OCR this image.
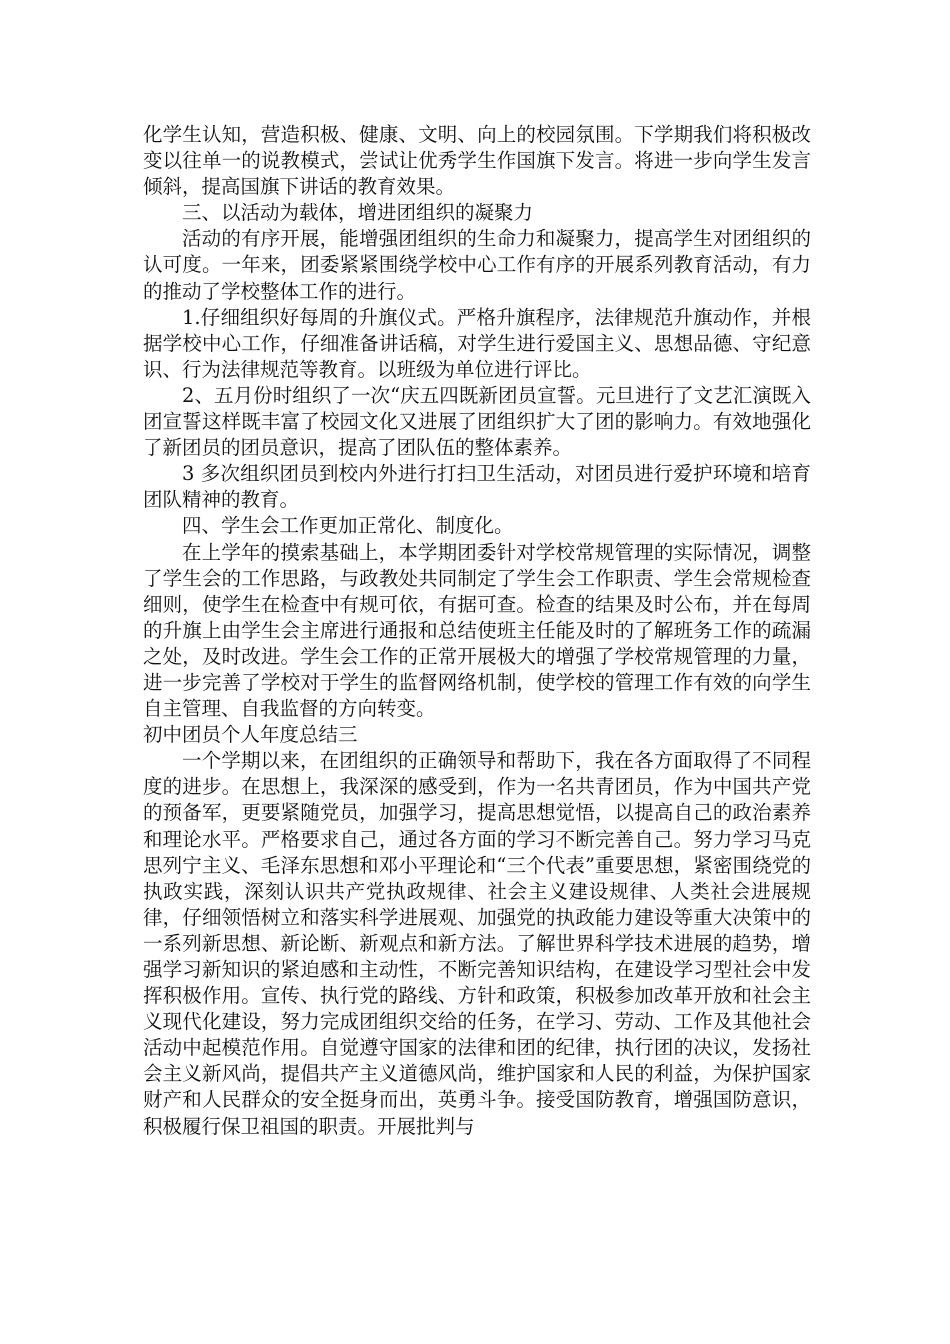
化学生认知，营造积极、健康、文明、向上的校园氛围。下学期我们将积极改变以往单一的说教模式，尝试让优秀学生作国旗下发言。将进一步向学生发言倾斜，提高国旗下讲话的教育效果。

三、以活动为载体，增进团组织的凝聚力

活动的有序开展，能增强团组织的生命力和凝聚力，提高学生对团组织的认可度。一年来，团委紧紧围绕学校中心工作有序的开展系列教育活动，有力的推动了学校整体工作的进行。

1.仔细组织好每周的升旗仪式。严格升旗程序，法律规范升旗动作，并根据学校中心工作，仔细准备讲话稿，对学生进行爱国主义、思想品德、守纪意识、行为法律规范等教育。以班级为单位进行评比。

2、五月份时组织了一次“庆五四既新团员宣誓。元旦进行了文艺汇演既入团宣誓这样既丰富了校园文化又进展了团组织扩大了团的影响力。有效地强化了新团员的团员意识，提高了团队伍的整体素养。

3 多次组织团员到校内外进行打扫卫生活动，对团员进行爱护环境和培育团队精神的教育。

四、学生会工作更加正常化、制度化。

在上学年的摸索基础上，本学期团委针对学校常规管理的实际情况，调整了学生会的工作思路，与政教处共同制定了学生会工作职责、学生会常规检查细则，使学生在检查中有规可依，有据可查。检查的结果及时公布，并在每周的升旗上由学生会主席进行通报和总结使班主任能及时的了解班务工作的疏漏之处，及时改进。学生会工作的正常开展极大的增强了学校常规管理的力量，进一步完善了学校对于学生的监督网络机制，使学校的管理工作有效的向学生自主管理、自我监督的方向转变。

初中团员个人年度总结三

一个学期以来，在团组织的正确领导和帮助下，我在各方面取得了不同程度的进步。在思想上，我深深的感受到，作为一名共青团员，作为中国共产党的预备军，更要紧随党员，加强学习，提高思想觉悟，以提高自己的政治素养和理论水平。严格要求自己，通过各方面的学习不断完善自己。努力学习马克思列宁主义、毛泽东思想和邓小平理论和“三个代表”重要思想，紧密围绕党的执政实践，深刻认识共产党执政规律、社会主义建设规律、人类社会进展规律，仔细领悟树立和落实科学进展观、加强党的执政能力建设等重大决策中的一系列新思想、新论断、新观点和新方法。了解世界科学技术进展的趋势，增强学习新知识的紧迫感和主动性，不断完善知识结构，在建设学习型社会中发挥积极作用。宣传、执行党的路线、方针和政策，积极参加改革开放和社会主义现代化建设，努力完成团组织交给的任务，在学习、劳动、工作及其他社会活动中起模范作用。自觉遵守国家的法律和团的纪律，执行团的决议，发扬社会主义新风尚，提倡共产主义道德风尚，维护国家和人民的利益，为保护国家财产和人民群众的安全挺身而出，英勇斗争。接受国防教育，增强国防意识，积极履行保卫祖国的职责。开展批判与
